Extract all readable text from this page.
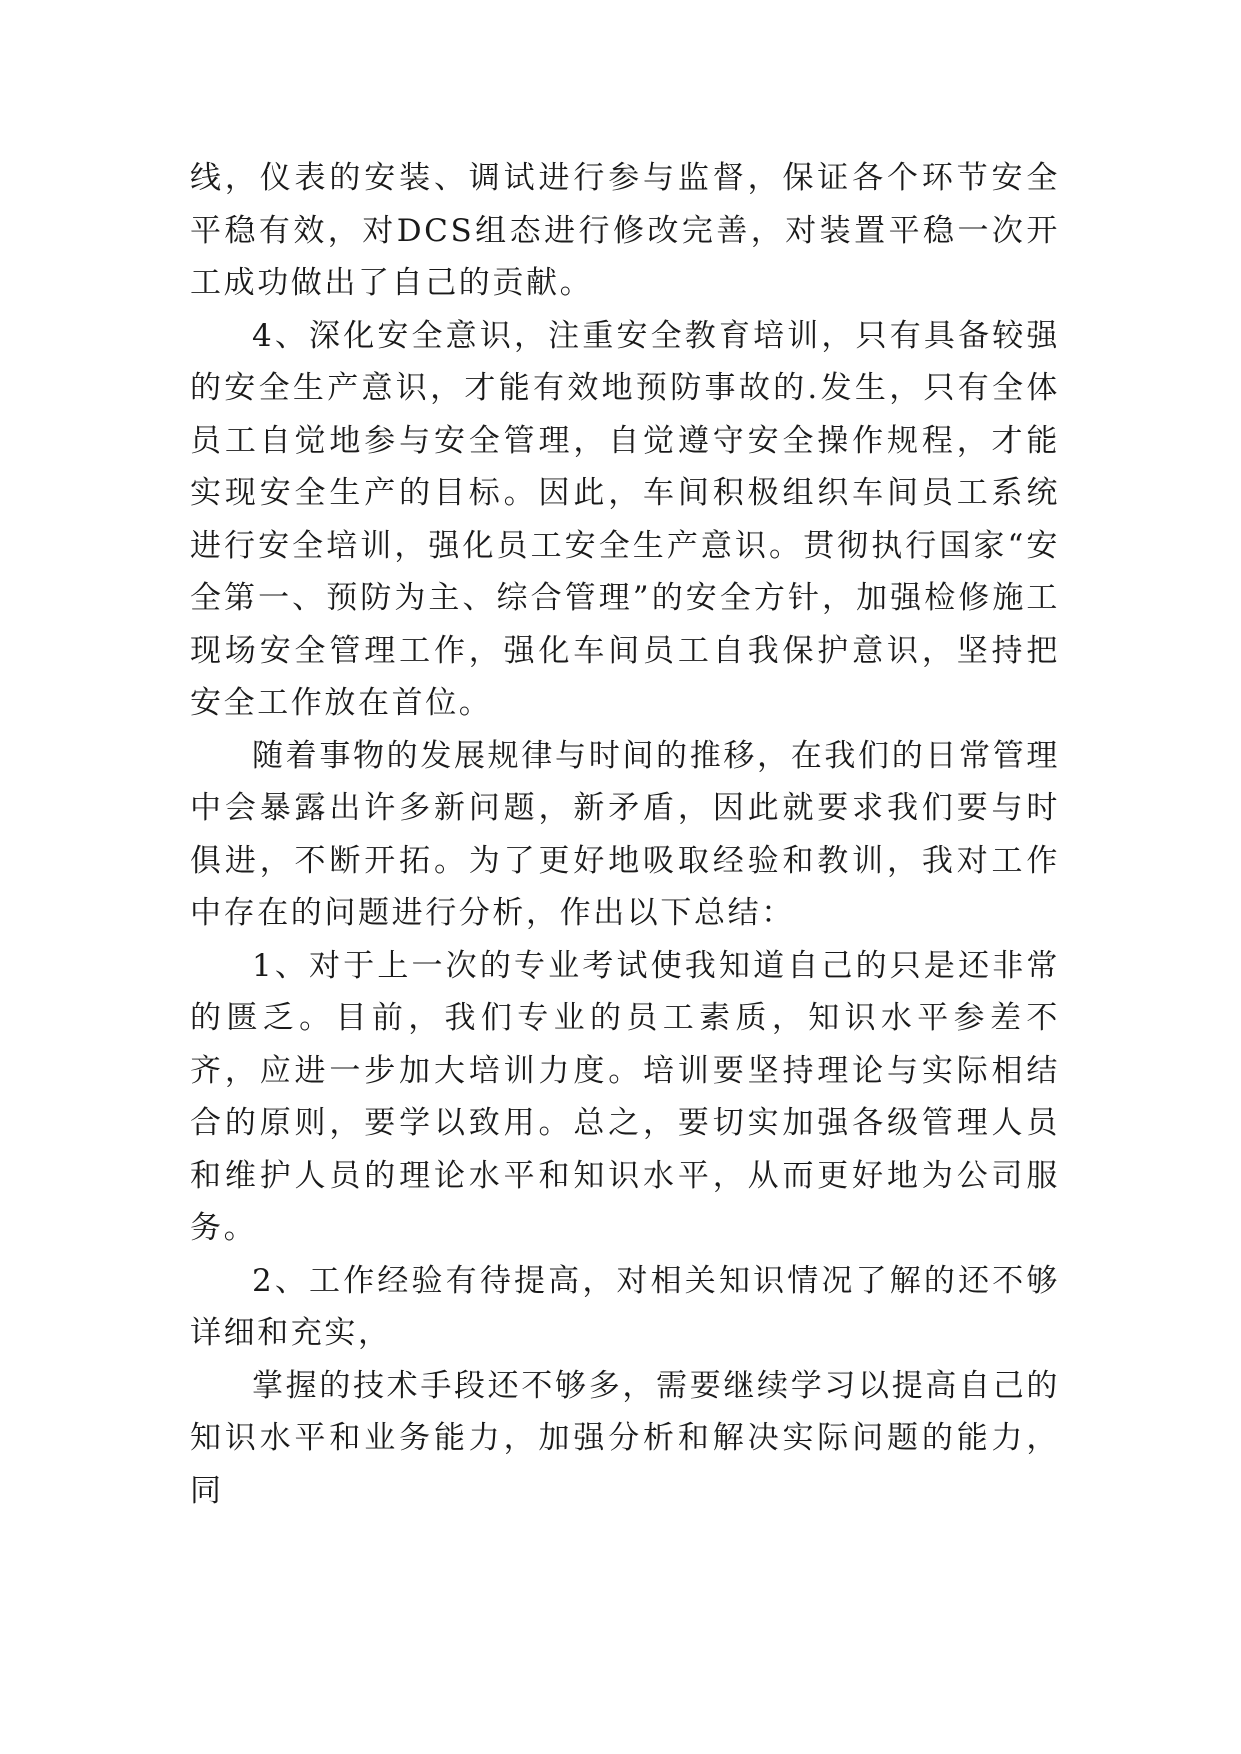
线，仪表的安装、调试进行参与监督，保证各个环节安全平稳有效，对DCS组态进行修改完善，对装置平稳一次开工成功做出了自己的贡献。

4、深化安全意识，注重安全教育培训，只有具备较强的安全生产意识，才能有效地预防事故的.发生，只有全体员工自觉地参与安全管理，自觉遵守安全操作规程，才能实现安全生产的目标。因此，车间积极组织车间员工系统进行安全培训，强化员工安全生产意识。贯彻执行国家“安全第一、预防为主、综合管理”的安全方针，加强检修施工现场安全管理工作，强化车间员工自我保护意识，坚持把安全工作放在首位。

随着事物的发展规律与时间的推移，在我们的日常管理中会暴露出许多新问题，新矛盾，因此就要求我们要与时俱进，不断开拓。为了更好地吸取经验和教训，我对工作中存在的问题进行分析，作出以下总结：

1、对于上一次的专业考试使我知道自己的只是还非常的匮乏。目前，我们专业的员工素质，知识水平参差不齐，应进一步加大培训力度。培训要坚持理论与实际相结合的原则，要学以致用。总之，要切实加强各级管理人员和维护人员的理论水平和知识水平，从而更好地为公司服务。

2、工作经验有待提高，对相关知识情况了解的还不够详细和充实，

掌握的技术手段还不够多，需要继续学习以提高自己的知识水平和业务能力，加强分析和解决实际问题的能力，同
